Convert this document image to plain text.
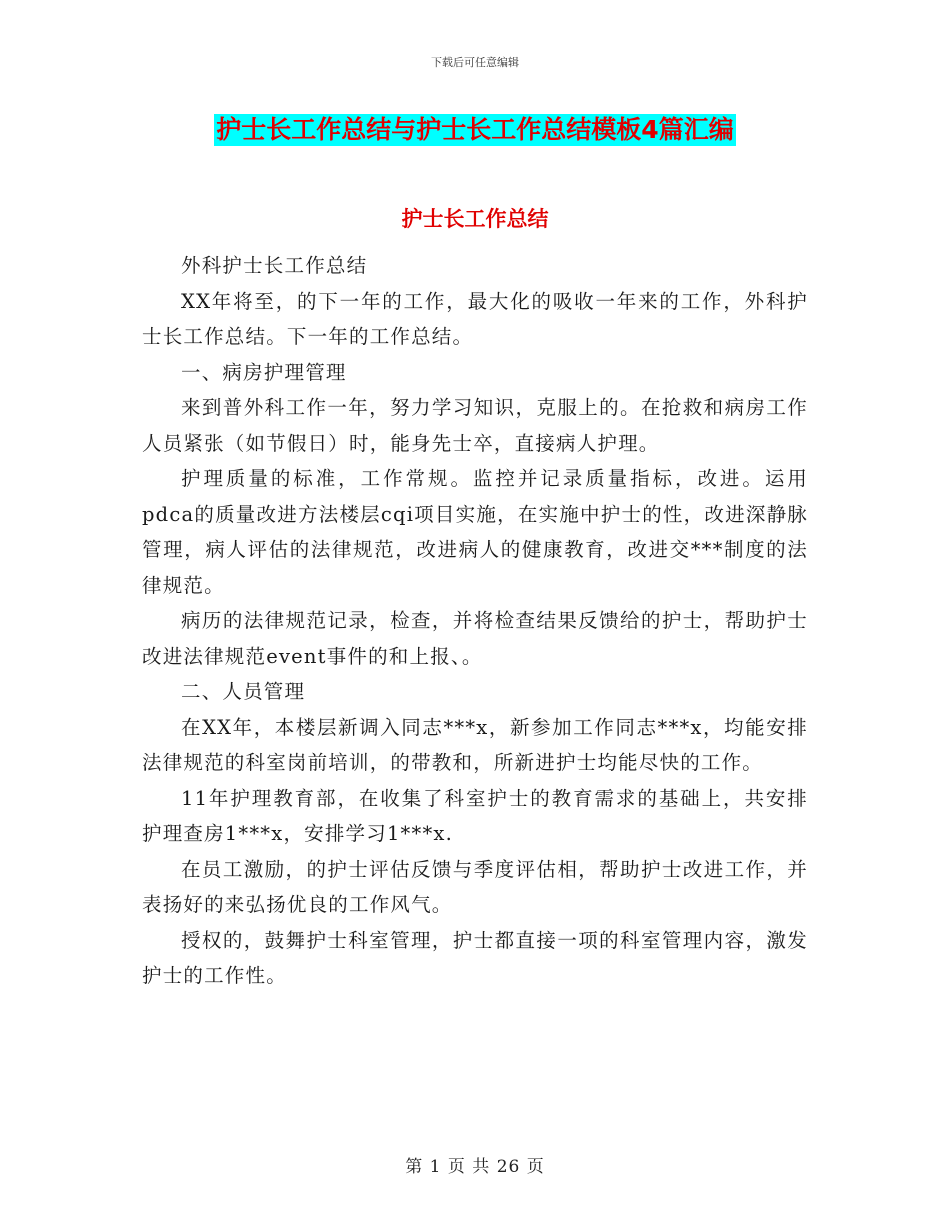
下载后可任意编辑
护士长工作总结与护士长工作总结模板4篇汇编
护士长工作总结

外科护士长工作总结

XX年将至，的下一年的工作，最大化的吸收一年来的工作，外科护士长工作总结。下一年的工作总结。

一、病房护理管理

来到普外科工作一年，努力学习知识，克服上的。在抢救和病房工作人员紧张（如节假日）时，能身先士卒，直接病人护理。

护理质量的标准，工作常规。监控并记录质量指标，改进。运用pdca的质量改进方法楼层cqi项目实施，在实施中护士的性，改进深静脉管理，病人评估的法律规范，改进病人的健康教育，改进交***制度的法律规范。

病历的法律规范记录，检查，并将检查结果反馈给的护士，帮助护士改进法律规范event事件的和上报、。

二、人员管理

在XX年，本楼层新调入同志***x，新参加工作同志***x，均能安排法律规范的科室岗前培训，的带教和，所新进护士均能尽快的工作。

11年护理教育部，在收集了科室护士的教育需求的基础上，共安排护理查房1***x，安排学习1***x.

在员工激励，的护士评估反馈与季度评估相，帮助护士改进工作，并表扬好的来弘扬优良的工作风气。

授权的，鼓舞护士科室管理，护士都直接一项的科室管理内容，激发护士的工作性。

第 1 页 共 26 页
